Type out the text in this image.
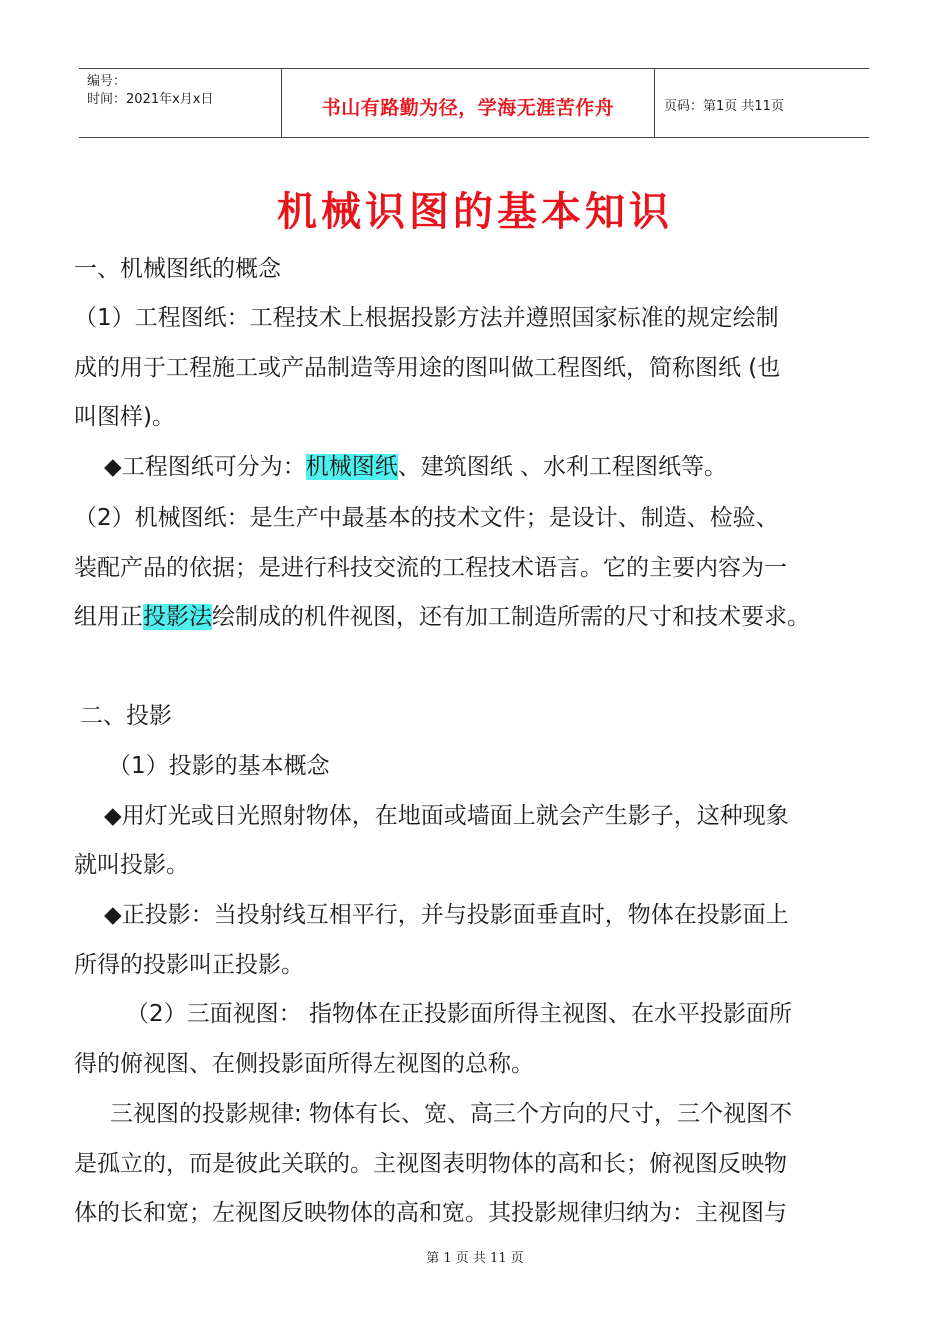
编号：
时间：2021年x月x日	书山有路勤为径，学海无涯苦作舟	页码：第1页 共11页
机械识图的基本知识
一、机械图纸的概念
（1）工程图纸：工程技术上根据投影方法并遵照国家标准的规定绘制
成的用于工程施工或产品制造等用途的图叫做工程图纸，简称图纸 (也
叫图样)。
◆工程图纸可分为：机械图纸、建筑图纸 、水利工程图纸等。
（2）机械图纸：是生产中最基本的技术文件；是设计、制造、检验、
装配产品的依据；是进行科技交流的工程技术语言。它的主要内容为一
组用正投影法绘制成的机件视图，还有加工制造所需的尺寸和技术要求。
二、投影
（1）投影的基本概念
◆用灯光或日光照射物体，在地面或墙面上就会产生影子，这种现象
就叫投影。
◆正投影：当投射线互相平行，并与投影面垂直时，物体在投影面上
所得的投影叫正投影。
（2）三面视图： 指物体在正投影面所得主视图、在水平投影面所
得的俯视图、在侧投影面所得左视图的总称。
三视图的投影规律: 物体有长、宽、高三个方向的尺寸，三个视图不
是孤立的，而是彼此关联的。主视图表明物体的高和长；俯视图反映物
体的长和宽；左视图反映物体的高和宽。其投影规律归纳为：主视图与
第 1 页 共 11 页
